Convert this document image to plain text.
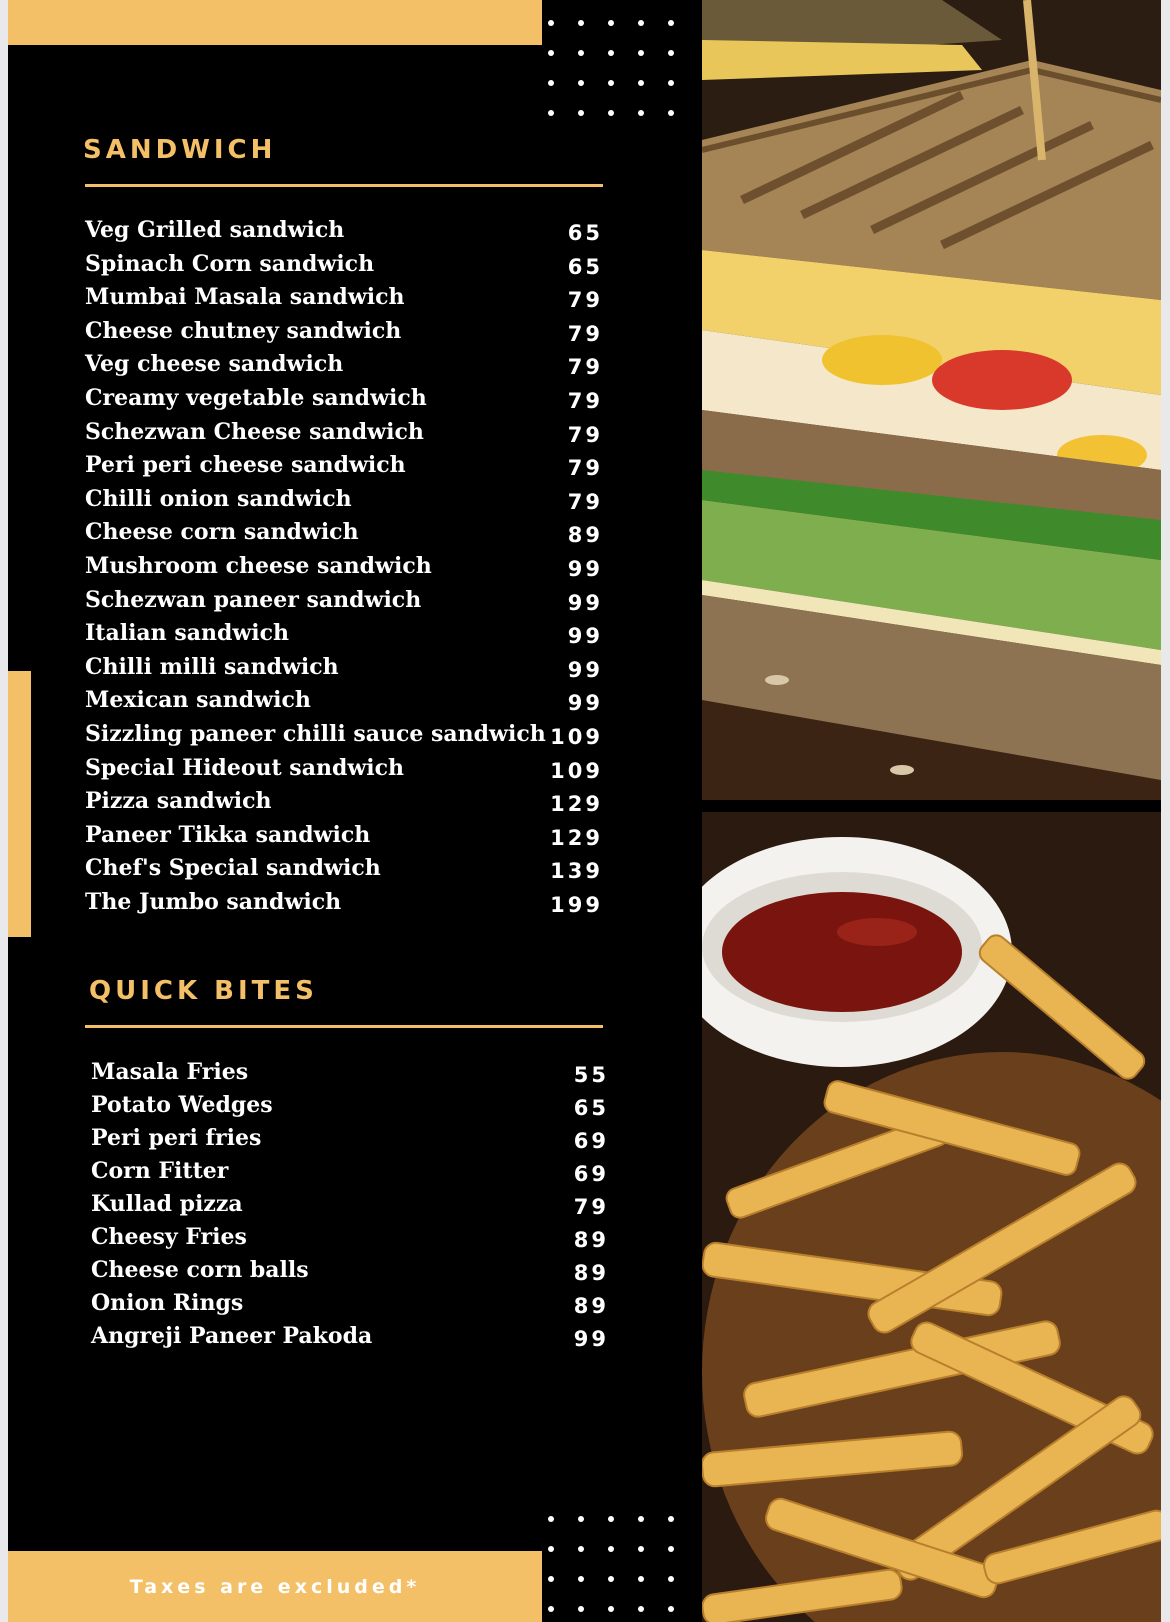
SANDWICH
Veg Grilled sandwich	65
Spinach Corn sandwich	65
Mumbai Masala sandwich	79
Cheese chutney sandwich	79
Veg cheese sandwich	79
Creamy vegetable sandwich	79
Schezwan Cheese sandwich	79
Peri peri cheese sandwich	79
Chilli onion sandwich	79
Cheese corn sandwich	89
Mushroom cheese sandwich	99
Schezwan paneer sandwich	99
Italian sandwich	99
Chilli milli sandwich	99
Mexican sandwich	99
Sizzling paneer chilli sauce sandwich 109
Special Hideout sandwich	109
Pizza sandwich	129
Paneer Tikka sandwich	129
Chef's Special sandwich	139
The Jumbo sandwich	199
QUICK BITES
Masala Fries	55
Potato Wedges	65
Peri peri fries	69
Corn Fitter	69
Kullad pizza	79
Cheesy Fries	89
Cheese corn balls	89
Onion Rings	89
Angreji Paneer Pakoda	99
Taxes are excluded*
